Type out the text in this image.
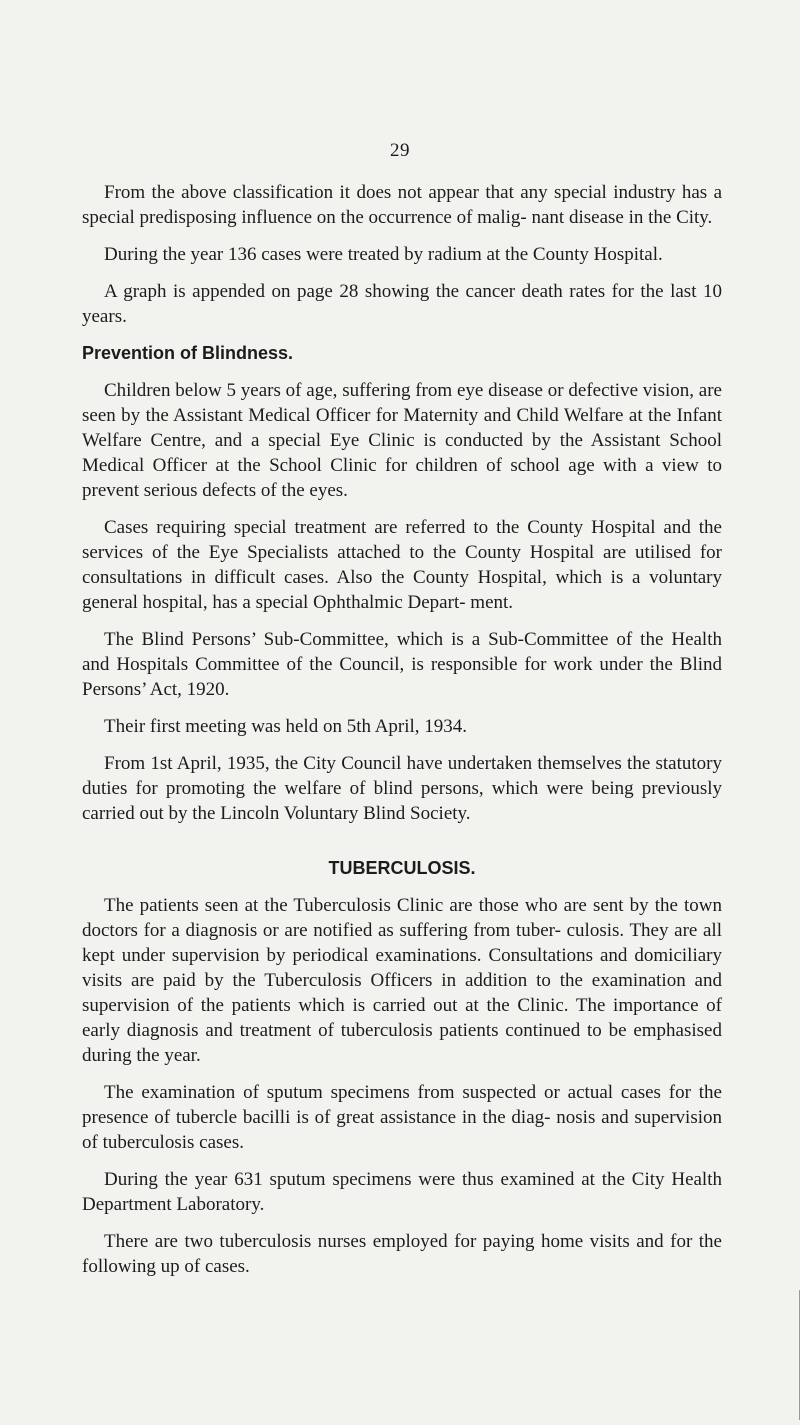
29

From the above classification it does not appear that any special industry has a special predisposing influence on the occurrence of malig- nant disease in the City.

During the year 136 cases were treated by radium at the County Hospital.

A graph is appended on page 28 showing the cancer death rates for the last 10 years.

Prevention of Blindness.

Children below 5 years of age, suffering from eye disease or defective vision, are seen by the Assistant Medical Officer for Maternity and Child Welfare at the Infant Welfare Centre, and a special Eye Clinic is conducted by the Assistant School Medical Officer at the School Clinic for children of school age with a view to prevent serious defects of the eyes.

Cases requiring special treatment are referred to the County Hospital and the services of the Eye Specialists attached to the County Hospital are utilised for consultations in difficult cases. Also the County Hospital, which is a voluntary general hospital, has a special Ophthalmic Depart- ment.

The Blind Persons’ Sub-Committee, which is a Sub-Committee of the Health and Hospitals Committee of the Council, is responsible for work under the Blind Persons’ Act, 1920.

Their first meeting was held on 5th April, 1934.

From 1st April, 1935, the City Council have undertaken themselves the statutory duties for promoting the welfare of blind persons, which were being previously carried out by the Lincoln Voluntary Blind Society.

TUBERCULOSIS.

The patients seen at the Tuberculosis Clinic are those who are sent by the town doctors for a diagnosis or are notified as suffering from tuber- culosis. They are all kept under supervision by periodical examinations. Consultations and domiciliary visits are paid by the Tuberculosis Officers in addition to the examination and supervision of the patients which is carried out at the Clinic. The importance of early diagnosis and treatment of tuberculosis patients continued to be emphasised during the year.

The examination of sputum specimens from suspected or actual cases for the presence of tubercle bacilli is of great assistance in the diag- nosis and supervision of tuberculosis cases.

During the year 631 sputum specimens were thus examined at the City Health Department Laboratory.

There are two tuberculosis nurses employed for paying home visits and for the following up of cases.
